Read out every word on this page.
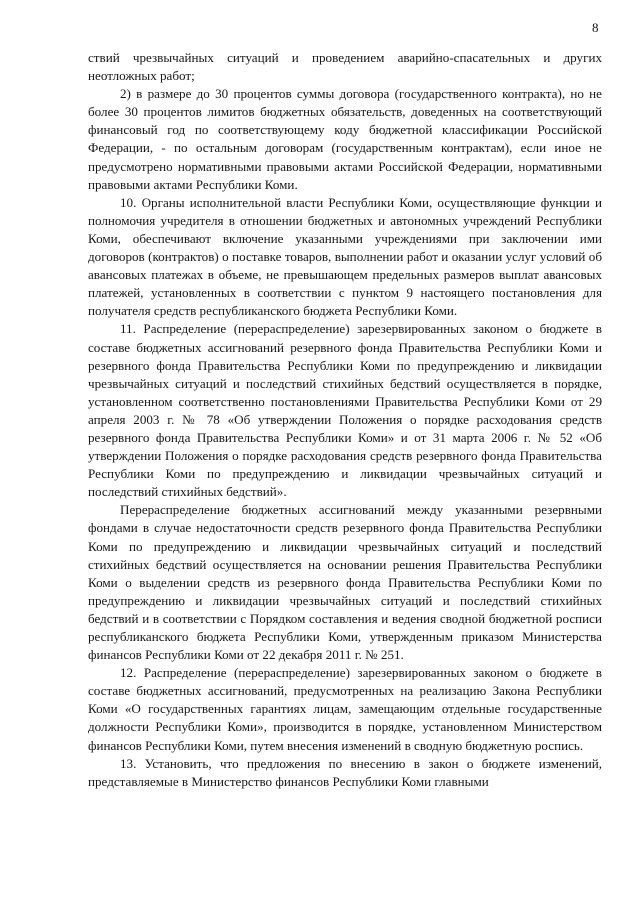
8

ствий чрезвычайных ситуаций и проведением аварийно-спасательных и других неотложных работ;

2) в размере до 30 процентов суммы договора (государственного контракта), но не более 30 процентов лимитов бюджетных обязательств, доведенных на соответствующий финансовый год по соответствующему коду бюджетной классификации Российской Федерации, - по остальным договорам (государственным контрактам), если иное не предусмотрено нормативными правовыми актами Российской Федерации, нормативными правовыми актами Республики Коми.

10. Органы исполнительной власти Республики Коми, осуществляющие функции и полномочия учредителя в отношении бюджетных и автономных учреждений Республики Коми, обеспечивают включение указанными учреждениями при заключении ими договоров (контрактов) о поставке товаров, выполнении работ и оказании услуг условий об авансовых платежах в объеме, не превышающем предельных размеров выплат авансовых платежей, установленных в соответствии с пунктом 9 настоящего постановления для получателя средств республиканского бюджета Республики Коми.

11. Распределение (перераспределение) зарезервированных законом о бюджете в составе бюджетных ассигнований резервного фонда Правительства Республики Коми и резервного фонда Правительства Республики Коми по предупреждению и ликвидации чрезвычайных ситуаций и последствий стихийных бедствий осуществляется в порядке, установленном соответственно постановлениями Правительства Республики Коми от 29 апреля 2003 г. № 78 «Об утверждении Положения о порядке расходования средств резервного фонда Правительства Республики Коми» и от 31 марта 2006 г. № 52 «Об утверждении Положения о порядке расходования средств резервного фонда Правительства Республики Коми по предупреждению и ликвидации чрезвычайных ситуаций и последствий стихийных бедствий».

Перераспределение бюджетных ассигнований между указанными резервными фондами в случае недостаточности средств резервного фонда Правительства Республики Коми по предупреждению и ликвидации чрезвычайных ситуаций и последствий стихийных бедствий осуществляется на основании решения Правительства Республики Коми о выделении средств из резервного фонда Правительства Республики Коми по предупреждению и ликвидации чрезвычайных ситуаций и последствий стихийных бедствий и в соответствии с Порядком составления и ведения сводной бюджетной росписи республиканского бюджета Республики Коми, утвержденным приказом Министерства финансов Республики Коми от 22 декабря 2011 г. № 251.

12. Распределение (перераспределение) зарезервированных законом о бюджете в составе бюджетных ассигнований, предусмотренных на реализацию Закона Республики Коми «О государственных гарантиях лицам, замещающим отдельные государственные должности Республики Коми», производится в порядке, установленном Министерством финансов Республики Коми, путем внесения изменений в сводную бюджетную роспись.

13. Установить, что предложения по внесению в закон о бюджете изменений, представляемые в Министерство финансов Республики Коми главными
